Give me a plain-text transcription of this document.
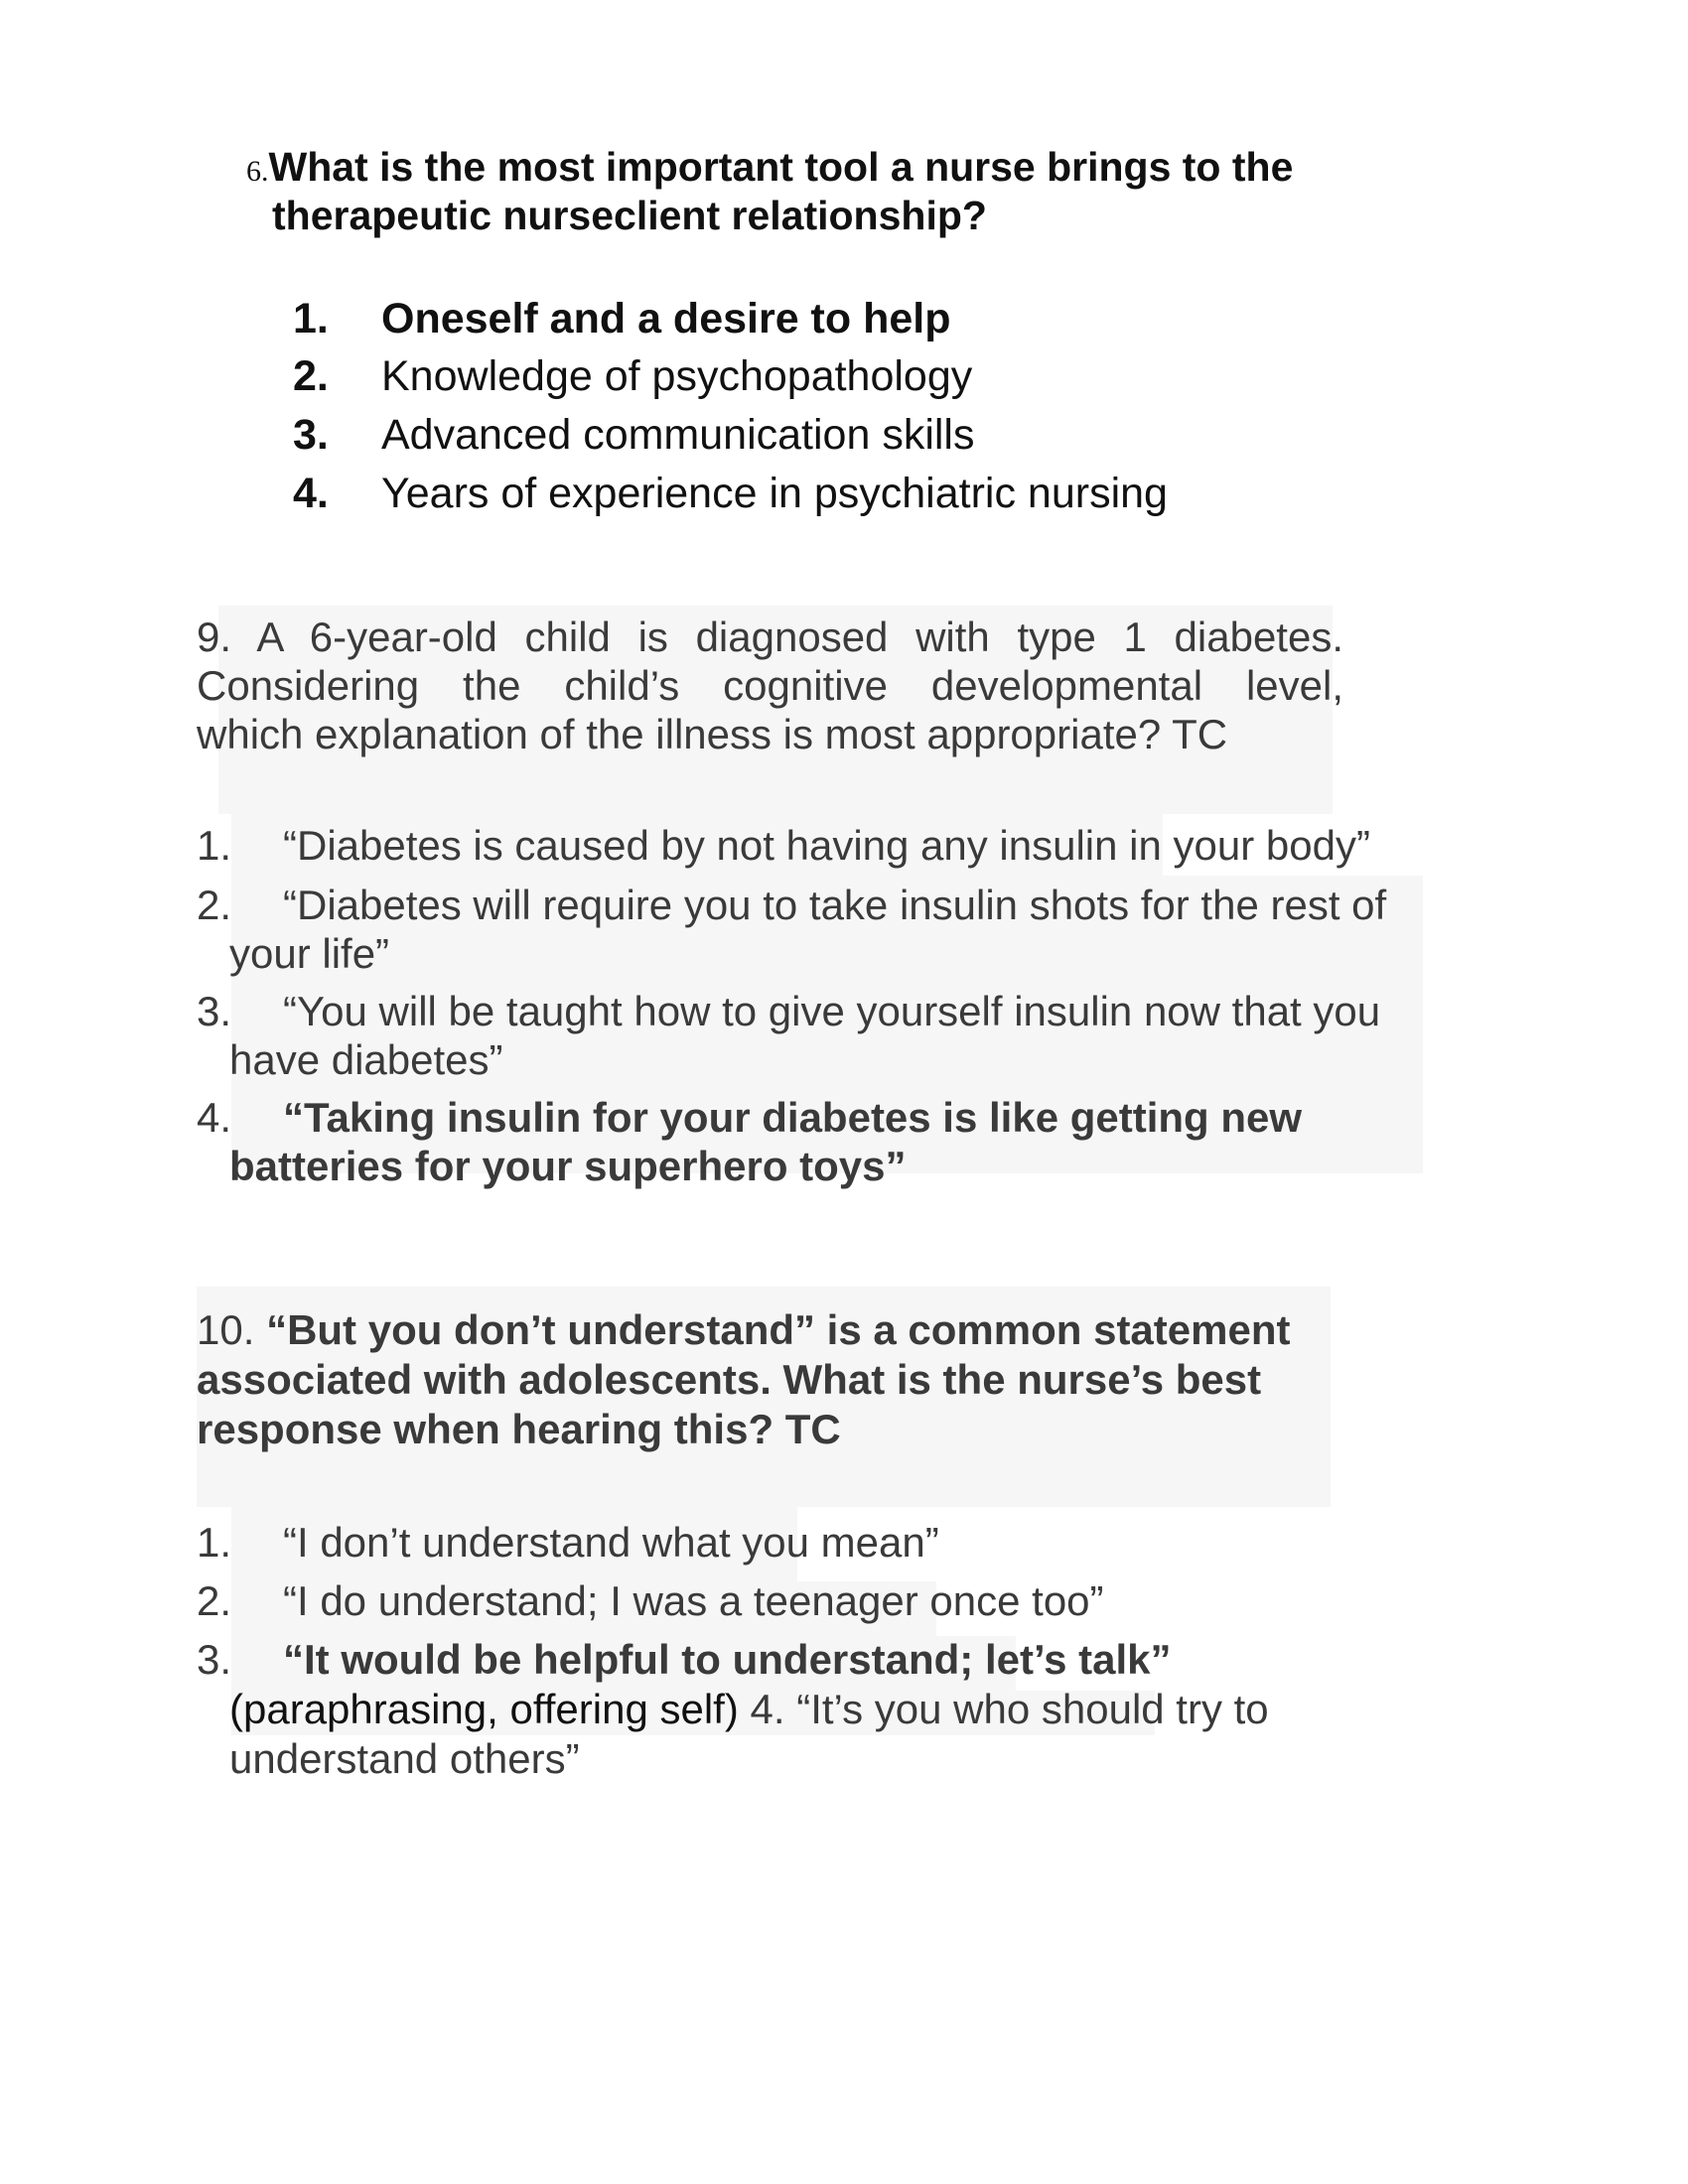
6.What is the most important tool a nurse brings to the
therapeutic nurseclient relationship?
1. Oneself and a desire to help
2. Knowledge of psychopathology
3. Advanced communication skills
4. Years of experience in psychiatric nursing
9. A 6-year-old child is diagnosed with type 1 diabetes.
Considering the child’s cognitive developmental level,
which explanation of the illness is most appropriate? TC
1. “Diabetes is caused by not having any insulin in your body”
2. “Diabetes will require you to take insulin shots for the rest of
your life”
3. “You will be taught how to give yourself insulin now that you
have diabetes”
4. “Taking insulin for your diabetes is like getting new
batteries for your superhero toys”
10. “But you don’t understand” is a common statement
associated with adolescents. What is the nurse’s best
response when hearing this? TC
1. “I don’t understand what you mean”
2. “I do understand; I was a teenager once too”
3. “It would be helpful to understand; let’s talk”
(paraphrasing, offering self) 4. “It’s you who should try to
understand others”
